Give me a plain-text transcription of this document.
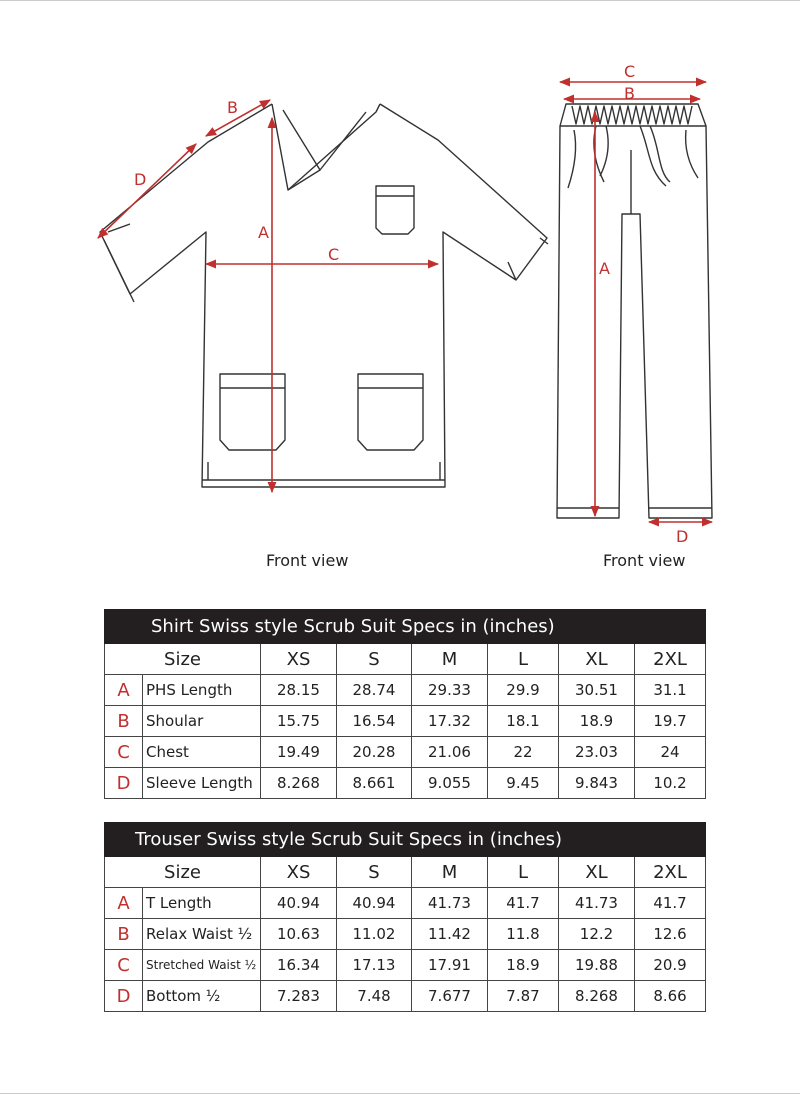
A
B
C
D
A
B
C
D
Front view	Front view
Shirt Swiss style Scrub Suit Specs in (inches)							
Size		XS	S	M	L	XL	2XL
A	PHS Length	28.15	28.74	29.33	29.9	30.51	31.1
B	Shoular	15.75	16.54	17.32	18.1	18.9	19.7
C	Chest	19.49	20.28	21.06	22	23.03	24
D	Sleeve Length	8.268	8.661	9.055	9.45	9.843	10.2
Trouser Swiss style Scrub Suit Specs in (inches)							
Size		XS	S	M	L	XL	2XL
A	T Length	40.94	40.94	41.73	41.7	41.73	41.7
B	Relax Waist ½	10.63	11.02	11.42	11.8	12.2	12.6
C	Stretched Waist ½	16.34	17.13	17.91	18.9	19.88	20.9
D	Bottom ½	7.283	7.48	7.677	7.87	8.268	8.66
